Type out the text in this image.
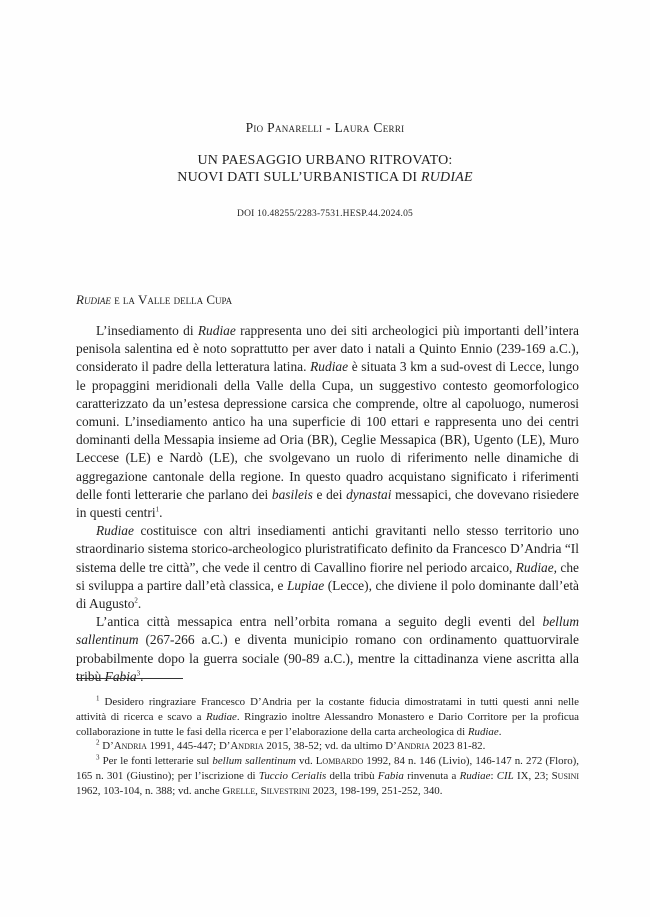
Pio Panarelli - Laura Cerri
UN PAESAGGIO URBANO RITROVATO:
NUOVI DATI SULL’URBANISTICA DI RUDIAE
DOI 10.48255/2283-7531.HESP.44.2024.05
Rudiae e la Valle della Cupa

L’insediamento di Rudiae rappresenta uno dei siti archeologici più importanti dell’intera penisola salentina ed è noto soprattutto per aver dato i natali a Quinto Ennio (239-169 a.C.), considerato il padre della letteratura latina. Rudiae è situata 3 km a sud-ovest di Lecce, lungo le propaggini meridionali della Valle della Cupa, un suggestivo contesto geomorfologico caratterizzato da un’estesa depressione carsica che comprende, oltre al capoluogo, numerosi comuni. L’insediamento antico ha una superficie di 100 ettari e rappresenta uno dei centri dominanti della Messapia insieme ad Oria (BR), Ceglie Messapica (BR), Ugento (LE), Muro Leccese (LE) e Nardò (LE), che svolgevano un ruolo di riferimento nelle dinamiche di aggregazione cantonale della regione. In questo quadro acquistano significato i riferimenti delle fonti letterarie che parlano dei basileis e dei dynastai messapici, che dovevano risiedere in questi centri$^1$.

Rudiae costituisce con altri insediamenti antichi gravitanti nello stesso territorio uno straordinario sistema storico-archeologico pluristratificato definito da Francesco D’Andria “Il sistema delle tre città”, che vede il centro di Cavallino fiorire nel periodo arcaico, Rudiae, che si sviluppa a partire dall’età classica, e Lupiae (Lecce), che diviene il polo dominante dall’età di Augusto$^2$.

L’antica città messapica entra nell’orbita romana a seguito degli eventi del bellum sallentinum (267-266 a.C.) e diventa municipio romano con ordinamento quattuorvirale probabilmente dopo la guerra sociale (90-89 a.C.), mentre la cittadinanza viene ascritta alla tribù Fabia$^3$.

$^1$ Desidero ringraziare Francesco D’Andria per la costante fiducia dimostratami in tutti questi anni nelle attività di ricerca e scavo a Rudiae. Ringrazio inoltre Alessandro Monastero e Dario Corritore per la proficua collaborazione in tutte le fasi della ricerca e per l’elaborazione della carta archeologica di Rudiae.

$^2$ D’Andria 1991, 445-447; D’Andria 2015, 38-52; vd. da ultimo D’Andria 2023 81-82.

$^3$ Per le fonti letterarie sul bellum sallentinum vd. Lombardo 1992, 84 n. 146 (Livio), 146-147 n. 272 (Floro), 165 n. 301 (Giustino); per l’iscrizione di Tuccio Cerialis della tribù Fabia rinvenuta a Rudiae: CIL IX, 23; Susini 1962, 103-104, n. 388; vd. anche Grelle, Silvestrini 2023, 198-199, 251-252, 340.
